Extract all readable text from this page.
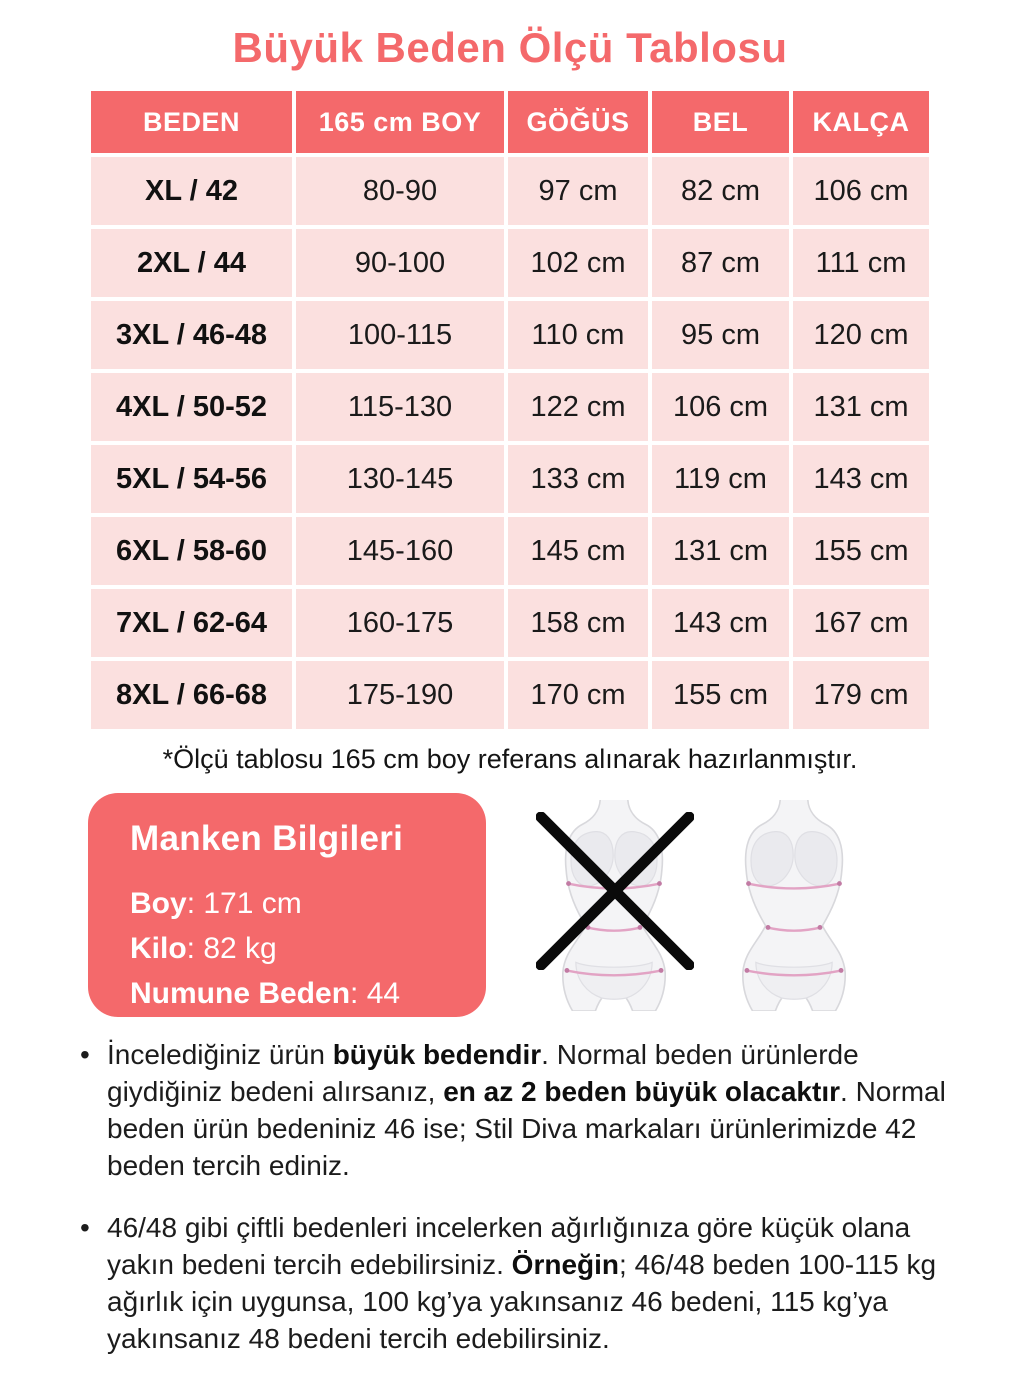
Büyük Beden Ölçü Tablosu
BEDEN	165 cm BOY	GÖĞÜS	BEL	KALÇA
XL / 42	80-90	97 cm	82 cm	106 cm
2XL / 44	90-100	102 cm	87 cm	111 cm
3XL / 46-48	100-115	110 cm	95 cm	120 cm
4XL / 50-52	115-130	122 cm	106 cm	131 cm
5XL / 54-56	130-145	133 cm	119 cm	143 cm
6XL / 58-60	145-160	145 cm	131 cm	155 cm
7XL / 62-64	160-175	158 cm	143 cm	167 cm
8XL / 66-68	175-190	170 cm	155 cm	179 cm
*Ölçü tablosu 165 cm boy referans alınarak hazırlanmıştır.
Manken Bilgileri
Boy: 171 cm
Kilo: 82 kg
Numune Beden: 44
• İncelediğiniz ürün büyük bedendir. Normal beden ürünlerde giydiğiniz bedeni alırsanız, en az 2 beden büyük olacaktır. Normal beden ürün bedeniniz 46 ise; Stil Diva markaları ürünlerimizde 42 beden tercih ediniz.
• 46/48 gibi çiftli bedenleri incelerken ağırlığınıza göre küçük olana yakın bedeni tercih edebilirsiniz. Örneğin; 46/48 beden 100-115 kg ağırlık için uygunsa, 100 kg’ya yakınsanız 46 bedeni, 115 kg’ya yakınsanız 48 bedeni tercih edebilirsiniz.
